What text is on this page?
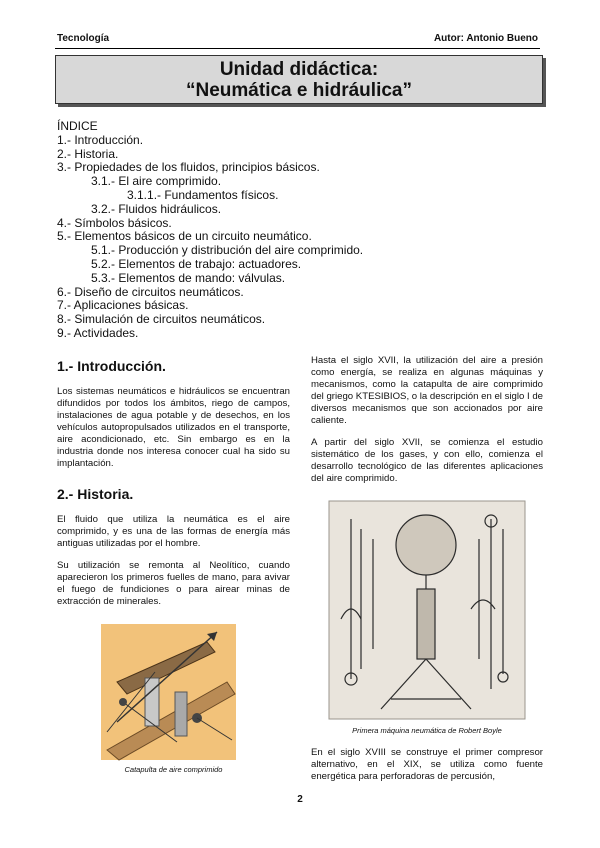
Tecnología	Autor: Antonio Bueno
Unidad didáctica:
“Neumática e hidráulica”
ÍNDICE
1.- Introducción.
2.- Historia.
3.- Propiedades de los fluidos, principios básicos.
3.1.- El aire comprimido.
3.1.1.- Fundamentos físicos.
3.2.- Fluidos hidráulicos.
4.- Símbolos básicos.
5.- Elementos básicos de un circuito neumático.
5.1.- Producción y distribución del aire comprimido.
5.2.- Elementos de trabajo: actuadores.
5.3.- Elementos de mando: válvulas.
6.- Diseño de circuitos neumáticos.
7.- Aplicaciones básicas.
8.- Simulación de circuitos neumáticos.
9.- Actividades.
1.- Introducción.

Los sistemas neumáticos e hidráulicos se encuentran difundidos por todos los ámbitos, riego de campos, instalaciones de agua potable y de desechos, en los vehículos autopropulsados utilizados en el transporte, aire acondicionado, etc. Sin embargo es en la industria donde nos interesa conocer cual ha sido su implantación.

2.- Historia.

El fluido que utiliza la neumática es el aire comprimido, y es una de las formas de energía más antiguas utilizadas por el hombre.

Su utilización se remonta al Neolítico, cuando aparecieron los primeros fuelles de mano, para avivar el fuego de fundiciones o para airear minas de extracción de minerales.

Catapulta de aire comprimido

Hasta el siglo XVII, la utilización del aire a presión como energía, se realiza en algunas máquinas y mecanismos, como la catapulta de aire comprimido del griego KTESIBIOS, o la descripción en el siglo I de diversos mecanismos que son accionados por aire caliente.

A partir del siglo XVII, se comienza el estudio sistemático de los gases, y con ello, comienza el desarrollo tecnológico de las diferentes aplicaciones del aire comprimido.

Primera máquina neumática de Robert Boyle

En el siglo XVIII se construye el primer compresor alternativo, en el XIX, se utiliza como fuente energética para perforadoras de percusión,

2
